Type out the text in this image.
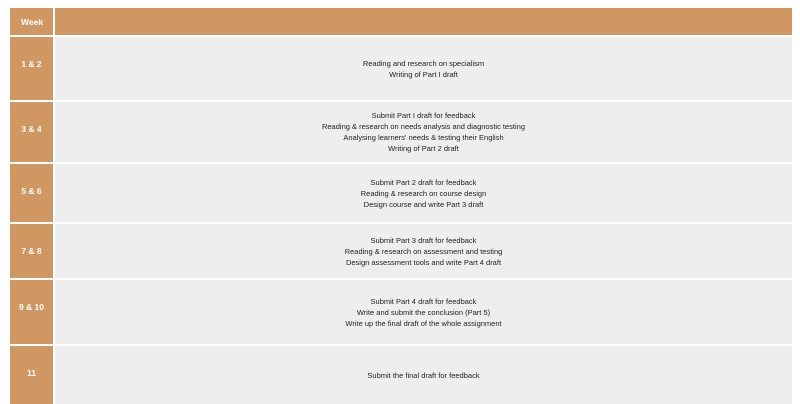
Week
1 & 2	Reading and research on specialism
Writing of Part I draft
3 & 4
Submit Part I draft for feedback
Reading & research on needs analysis and diagnostic testing
Analysing learners' needs & testing their English
Writing of Part 2 draft
5 & 6
Submit Part 2 draft for feedback
Reading & research on course design
Design course and write Part 3 draft
7 & 8
Submit Part 3 draft for feedback
Reading & research on assessment and testing
Design assessment tools and write Part 4 draft
9 & 10
Submit Part 4 draft for feedback
Write and submit the conclusion (Part 5)
Write up the final draft of the whole assignment
11	Submit the final draft for feedback
